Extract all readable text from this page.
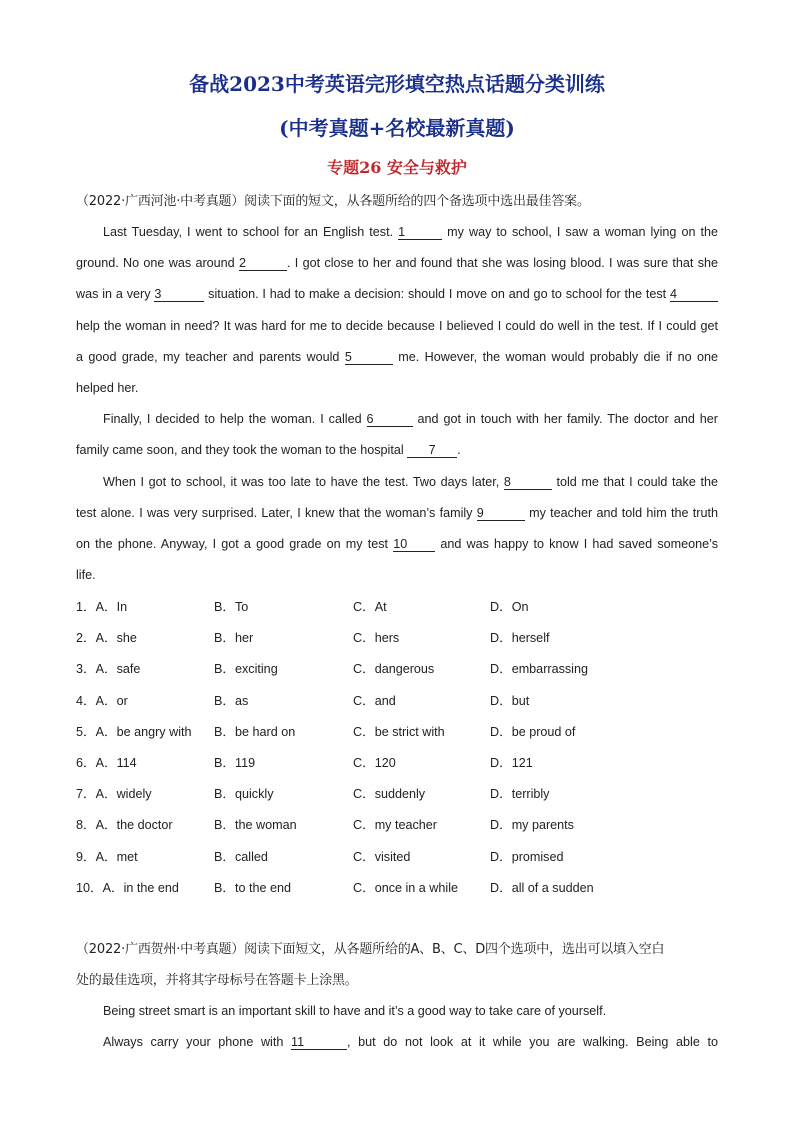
备战2023中考英语完形填空热点话题分类训练
(中考真题+名校最新真题)
专题26 安全与救护
（2022·广西河池·中考真题）阅读下面的短文，从各题所给的四个备选项中选出最佳答案。
Last Tuesday, I went to school for an English test. 1	my way to school, I saw a woman lying on the
ground. No one was around 2	. I got close to her and found that she was losing blood. I was sure that she
was in a very 3	situation. I had to make a decision: should I move on and go to school for the test 4
help the woman in need? It was hard for me to decide because I believed I could do well in the test. If I could get
a good grade, my teacher and parents would 5	me. However, the woman would probably die if no one
helped her.
Finally, I decided to help the woman. I called 6	and got in touch with her family. The doctor and her
family came soon, and they took the woman to the hospital 7 .
When I got to school, it was too late to have the test. Two days later, 8	told me that I could take the
test alone. I was very surprised. Later, I knew that the woman’s family 9	my teacher and told him the truth
on the phone. Anyway, I got a good grade on my test 10 and was happy to know I had saved someone’s
life.
1．A．In	B．To	C．At	D．On
2．A．she	B．her	C．hers	D．herself
3．A．safe	B．exciting	C．dangerous	D．embarrassing
4．A．or	B．as	C．and	D．but
5．A．be angry with B．be hard on	C．be strict with	D．be proud of
6．A．114	B．119	C．120	D．121
7．A．widely	B．quickly	C．suddenly	D．terribly
8．A．the doctor	B．the woman	C．my teacher	D．my parents
9．A．met	B．called	C．visited	D．promised
10．A．in the end	B．to the end	C．once in a while	D．all of a sudden
（2022·广西贺州·中考真题）阅读下面短文，从各题所给的A、B、C、D四个选项中，选出可以填入空白
处的最佳选项，并将其字母标号在答题卡上涂黑。
Being street smart is an important skill to have and it’s a good way to take care of yourself.
Always carry your phone with 11	, but do not look at it while you are walking. Being able to
